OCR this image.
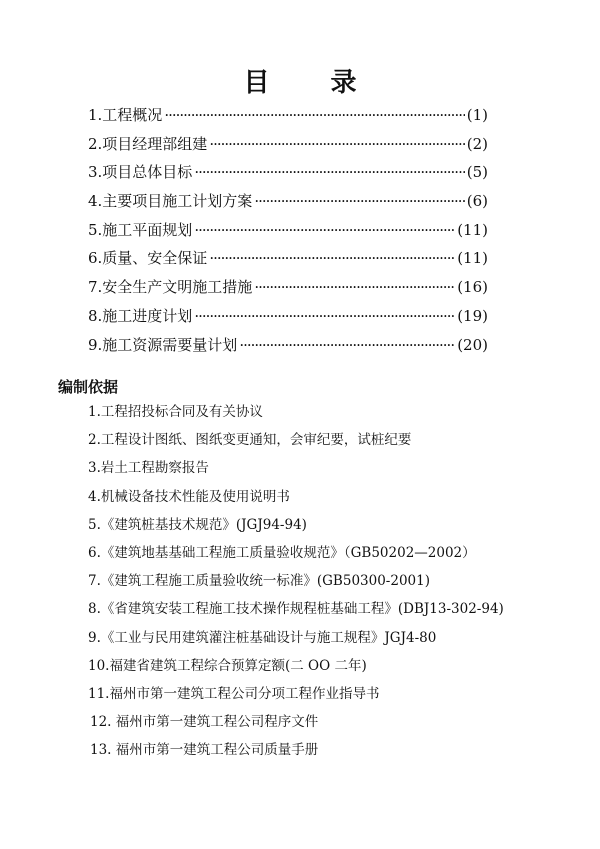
目 录
1.工程概况 ·····	(1)
2.项目经理部组建 ·····	(2)
3.项目总体目标 ·····	(5)
4.主要项目施工计划方案 ·····	(6)
5.施工平面规划 ·····	(11)
6.质量、安全保证 ·····	(11)
7.安全生产文明施工措施 ·····	(16)
8.施工进度计划 ·····	(19)
9.施工资源需要量计划 ·····	(20)
编制依据
1.工程招投标合同及有关协议
2.工程设计图纸、图纸变更通知，会审纪要，试桩纪要
3.岩土工程勘察报告
4.机械设备技术性能及使用说明书
5.《建筑桩基技术规范》(JGJ94-94)
6.《建筑地基基础工程施工质量验收规范》（GB50202—2002）
7.《建筑工程施工质量验收统一标准》(GB50300-2001)
8.《省建筑安装工程施工技术操作规程桩基础工程》(DBJ13-302-94)
9.《工业与民用建筑灌注桩基础设计与施工规程》JGJ4-80
10.福建省建筑工程综合预算定额(二 OO 二年)
11.福州市第一建筑工程公司分项工程作业指导书
12. 福州市第一建筑工程公司程序文件
13. 福州市第一建筑工程公司质量手册
